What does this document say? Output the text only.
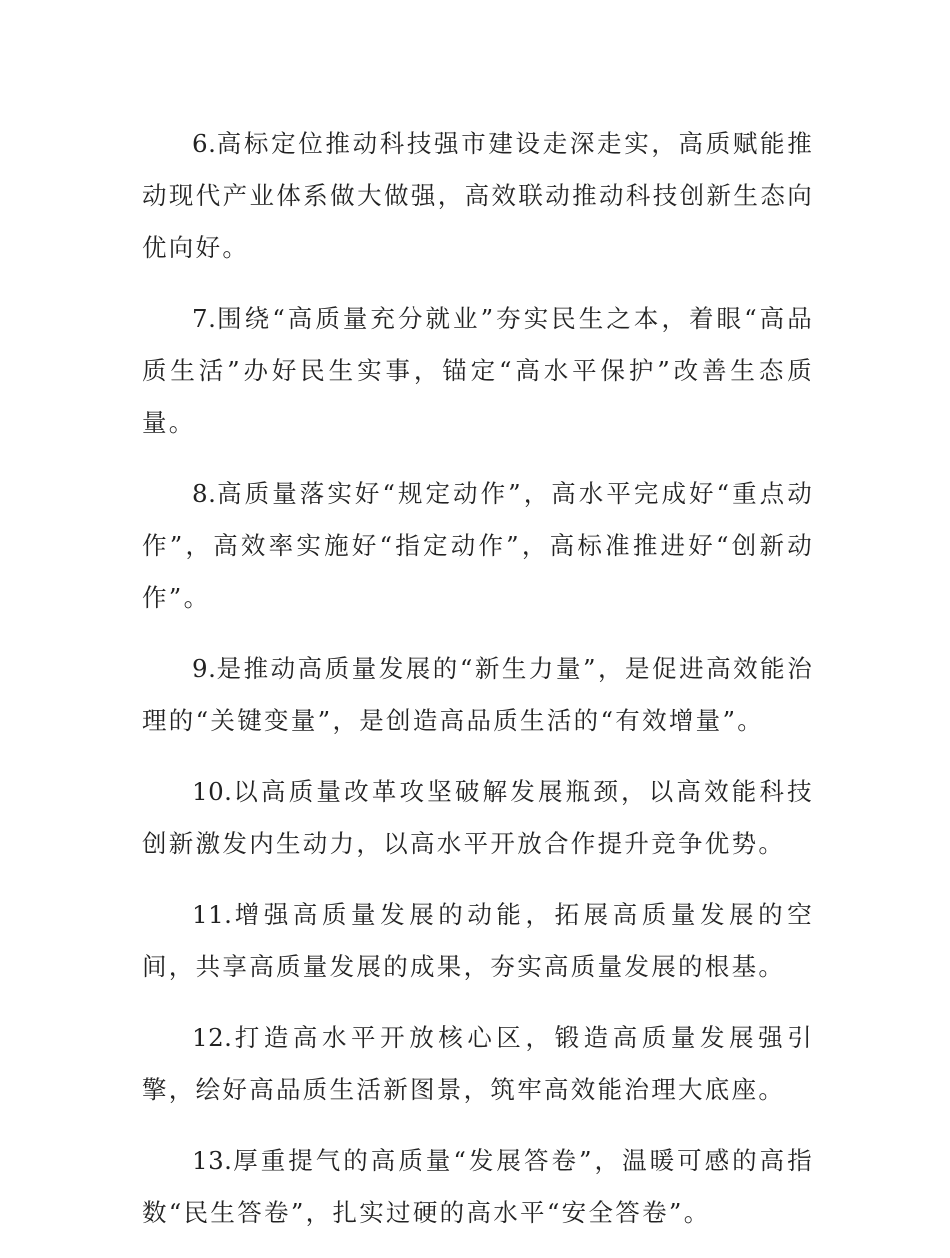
6.高标定位推动科技强市建设走深走实，高质赋能推动现代产业体系做大做强，高效联动推动科技创新生态向优向好。

7.围绕“高质量充分就业”夯实民生之本，着眼“高品质生活”办好民生实事，锚定“高水平保护”改善生态质量。

8.高质量落实好“规定动作”，高水平完成好“重点动作”，高效率实施好“指定动作”，高标准推进好“创新动作”。

9.是推动高质量发展的“新生力量”，是促进高效能治理的“关键变量”，是创造高品质生活的“有效增量”。

10.以高质量改革攻坚破解发展瓶颈，以高效能科技创新激发内生动力，以高水平开放合作提升竞争优势。

11.增强高质量发展的动能，拓展高质量发展的空间，共享高质量发展的成果，夯实高质量发展的根基。

12.打造高水平开放核心区，锻造高质量发展强引擎，绘好高品质生活新图景，筑牢高效能治理大底座。

13.厚重提气的高质量“发展答卷”，温暖可感的高指数“民生答卷”，扎实过硬的高水平“安全答卷”。
